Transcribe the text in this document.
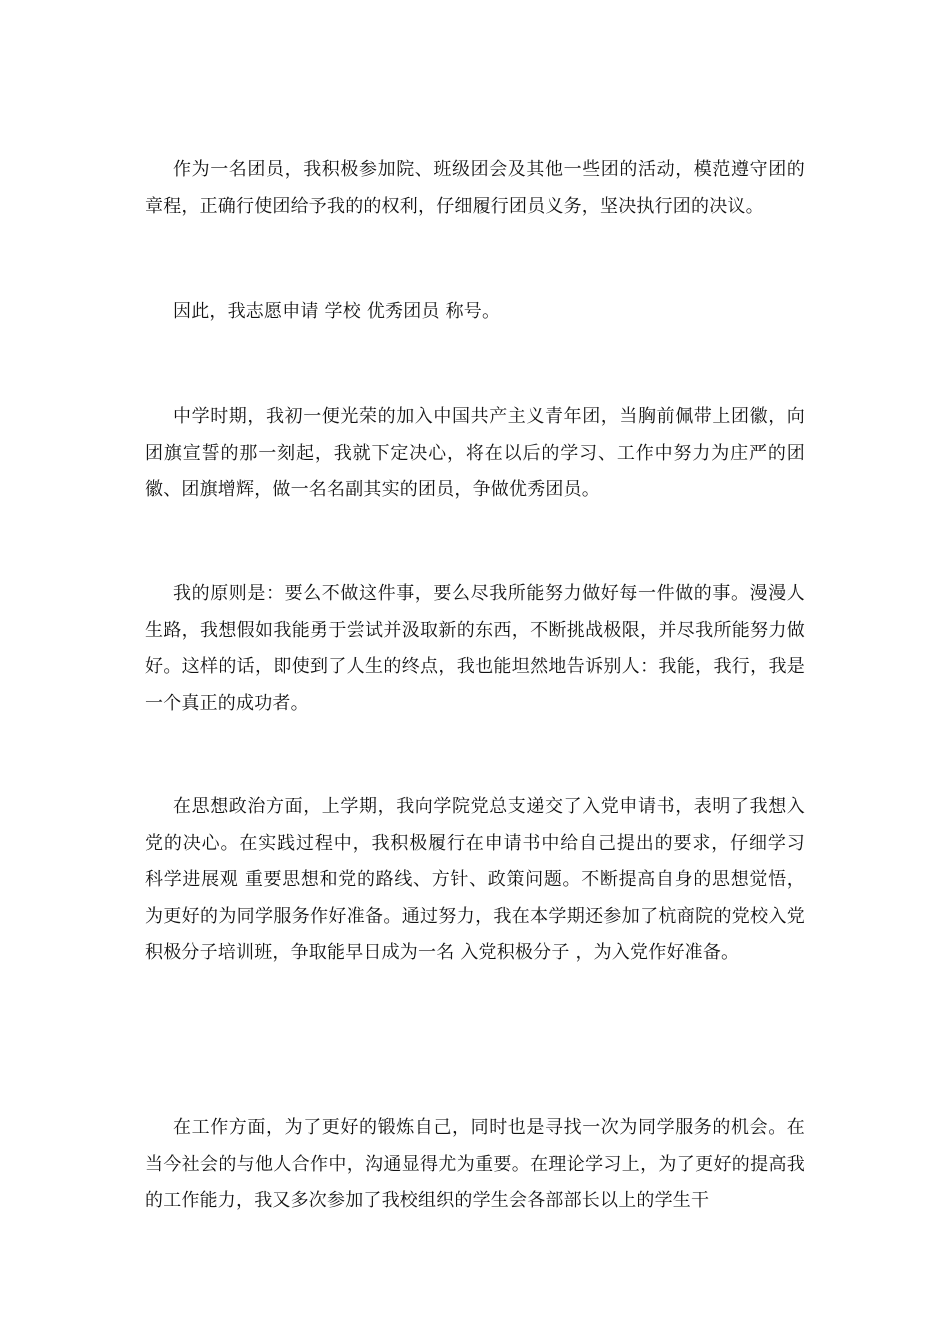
作为一名团员，我积极参加院、班级团会及其他一些团的活动，模范遵守团的章程，正确行使团给予我的的权利，仔细履行团员义务，坚决执行团的决议。

因此，我志愿申请 学校 优秀团员 称号。

中学时期，我初一便光荣的加入中国共产主义青年团，当胸前佩带上团徽，向团旗宣誓的那一刻起，我就下定决心，将在以后的学习、工作中努力为庄严的团徽、团旗增辉，做一名名副其实的团员，争做优秀团员。

我的原则是：要么不做这件事，要么尽我所能努力做好每一件做的事。漫漫人生路，我想假如我能勇于尝试并汲取新的东西，不断挑战极限，并尽我所能努力做好。这样的话，即使到了人生的终点，我也能坦然地告诉别人：我能，我行，我是一个真正的成功者。

在思想政治方面，上学期，我向学院党总支递交了入党申请书，表明了我想入党的决心。在实践过程中，我积极履行在申请书中给自己提出的要求，仔细学习 科学进展观 重要思想和党的路线、方针、政策问题。不断提高自身的思想觉悟，为更好的为同学服务作好准备。通过努力，我在本学期还参加了杭商院的党校入党积极分子培训班，争取能早日成为一名 入党积极分子 ，为入党作好准备。

在工作方面，为了更好的锻炼自己，同时也是寻找一次为同学服务的机会。在当今社会的与他人合作中，沟通显得尤为重要。在理论学习上，为了更好的提高我的工作能力，我又多次参加了我校组织的学生会各部部长以上的学生干
